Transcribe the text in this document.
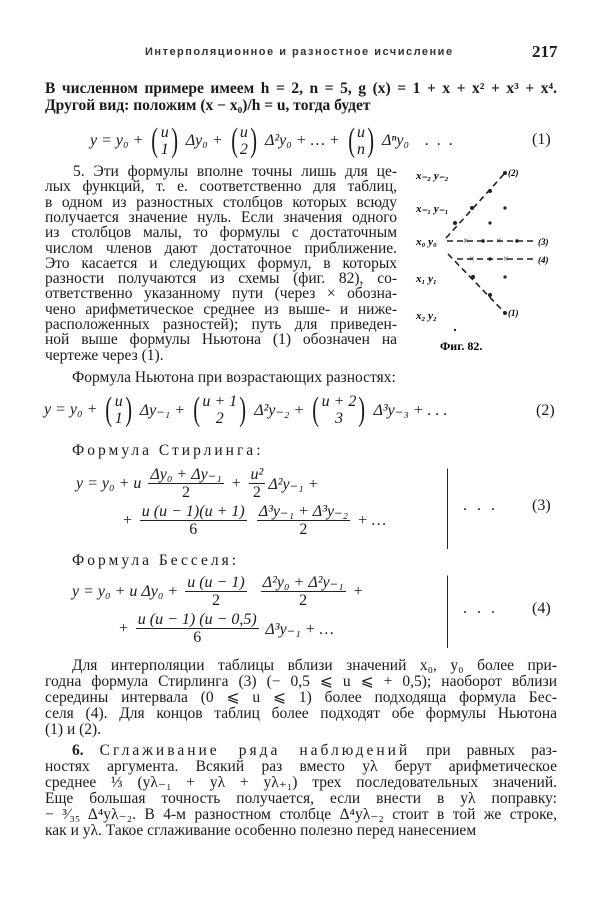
Интерполяционное и разностное исчисление	217
В численном примере имеем h = 2, n = 5, g (x) = 1 + x + x² + x³ + x⁴.
Другой вид: положим (x − x₀)/h = u, тогда будет
y = y₀ + ( u
1 ) Δy₀ + ( u
2 ) Δ²y₀ + … + ( u
n ) Δⁿy₀    .  .  .	(1)
5. Эти формулы вполне точны лишь для це-
лых функций, т. е. соответственно для таблиц,
в одном из разностных столбцов которых всюду
получается значение нуль. Если значения одного
из столбцов малы, то формулы с достаточным
числом членов дают достаточное приближение.
Это касается и следующих формул, в которых
разности получаются из схемы (фиг. 82), со-
ответственно указанному пути (через × обозна-
чено арифметическое среднее из выше- и ниже-
расположенных разностей); путь для приведен-
ной выше формулы Ньютона (1) обозначен на
чертеже через (1).
x₋₂ y₋₂
x₋₁ y₋₁
x₀ y₀
x₁ y₁
x₂ y₂
(2)
(3)
(4)
(1)
×	×
×	×
Фиг. 82.
Формула Ньютона при возрастающих разностях:
y = y₀ + ( u
1 ) Δy₋₁ + ( u + 1
2 ) Δ²y₋₂ + ( u + 2
3 ) Δ³y₋₃ + . . .	(2)
Формула Стирлинга:
y = y₀ + u $\frac{\text{Δy₀ + Δy₋₁}}{2} + \frac{\text{u²}}{2} \Delta^2y_{-1}$ +
+ $\frac{u (u - 1)(u + 1)}{6}$
$\frac{\text{Δ³y₋₁ + Δ³y₋₂}}{2}$ + …
. . . (3)
Формула Бесселя:
y = y₀ + u $\Delta y_0 + \frac{u (u - 1)}{2}$
$\frac{\text{Δ²y₀ + Δ²y₋₁}}{2}$ +
+ $\frac{u (u - 1) (u - 0,5)}{6} \Delta^3y_{-1}$ + …
. . . (4)
Для интерполяции таблицы вблизи значений x₀, y₀ более при-
годна формула Стирлинга (3) (− 0,5 ⩽ u ⩽ + 0,5); наоборот вблизи
середины интервала (0 ⩽ u ⩽ 1) более подходяща формула Бес-
селя (4). Для концов таблиц более подходят обе формулы Ньютона
(1) и (2).
6. Сглаживание ряда наблюдений при равных раз-
ностях аргумента. Всякий раз вместо yλ берут арифметическое
среднее ⅓ (yλ₋₁ + yλ + yλ₊₁) трех последовательных значений.
Еще большая точность получается, если внести в yλ поправку:
− ³⁄₃₅ Δ⁴yλ₋₂. В 4-м разностном столбце Δ⁴yλ₋₂ стоит в той же строке,
как и yλ. Такое сглаживание особенно полезно перед нанесением
